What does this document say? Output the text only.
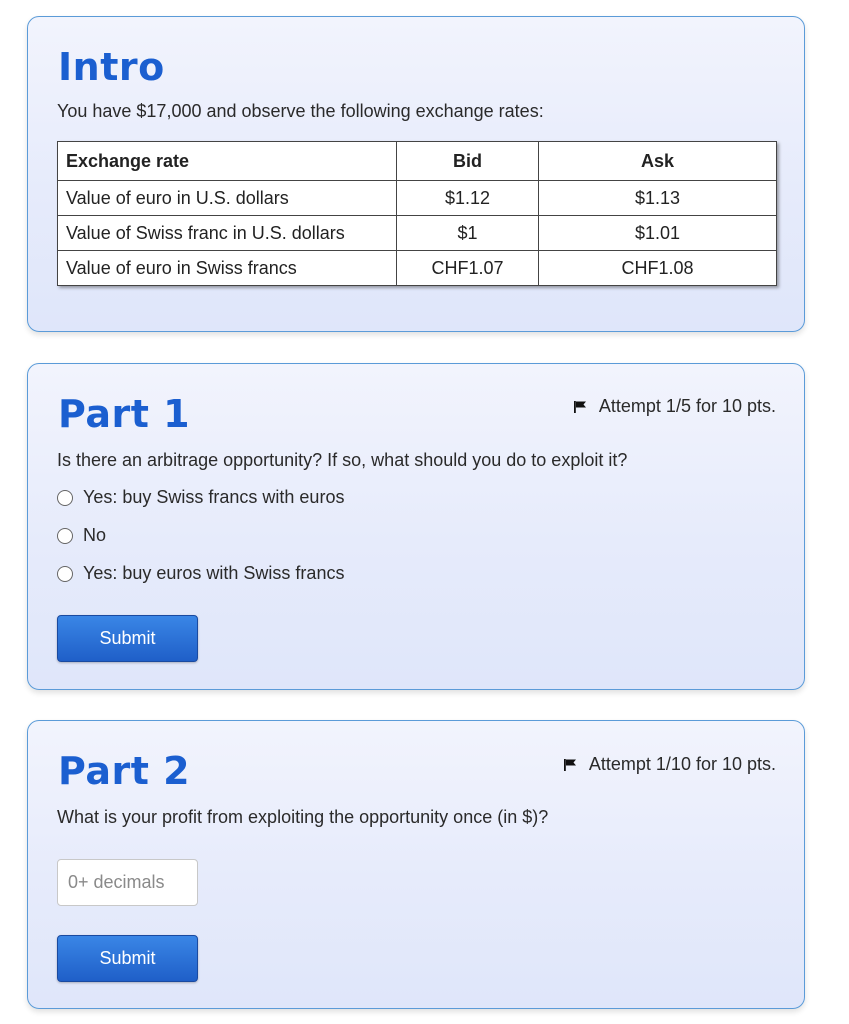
Intro

You have $17,000 and observe the following exchange rates:

Exchange rate	Bid	Ask
Value of euro in U.S. dollars	$1.12	$1.13
Value of Swiss franc in U.S. dollars	$1	$1.01
Value of euro in Swiss francs	CHF1.07	CHF1.08
Part 1	Attempt 1/5 for 10 pts.

Is there an arbitrage opportunity? If so, what should you do to exploit it?

Yes: buy Swiss francs with euros
No
Yes: buy euros with Swiss francs
Submit
Part 2	Attempt 1/10 for 10 pts.

What is your profit from exploiting the opportunity once (in $)?

0+ decimals
Submit
